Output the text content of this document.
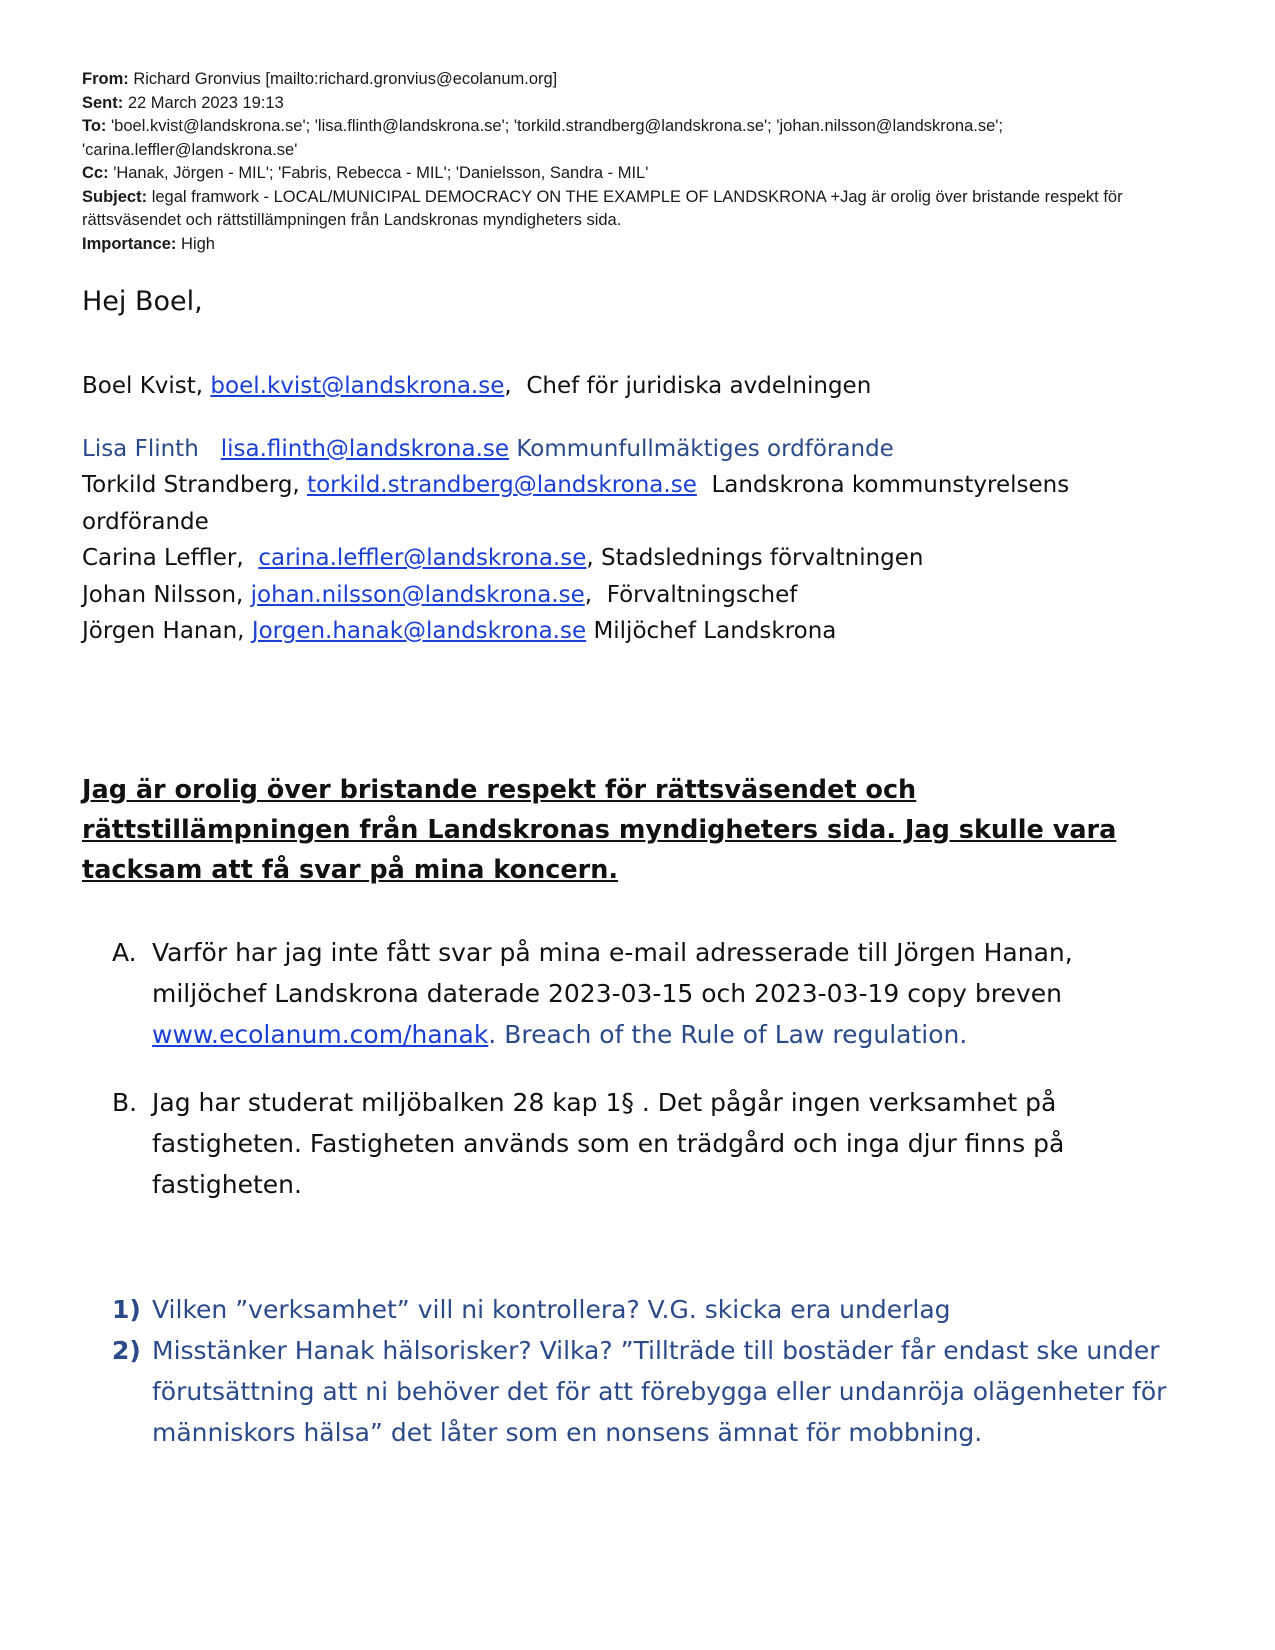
From: Richard Gronvius [mailto:richard.gronvius@ecolanum.org]

Sent: 22 March 2023 19:13

To: 'boel.kvist@landskrona.se'; 'lisa.flinth@landskrona.se'; 'torkild.strandberg@landskrona.se'; 'johan.nilsson@landskrona.se'; 'carina.leffler@landskrona.se'

Cc: 'Hanak, Jörgen - MIL'; 'Fabris, Rebecca - MIL'; 'Danielsson, Sandra - MIL'

Subject: legal framwork - LOCAL/MUNICIPAL DEMOCRACY ON THE EXAMPLE OF LANDSKRONA +Jag är orolig över bristande respekt för rättsväsendet och rättstillämpningen från Landskronas myndigheters sida.

Importance: High

Hej Boel,

Boel Kvist, boel.kvist@landskrona.se, Chef för juridiska avdelningen

Lisa Flinth lisa.flinth@landskrona.se Kommunfullmäktiges ordförande

Torkild Strandberg, torkild.strandberg@landskrona.se Landskrona kommunstyrelsens ordförande

Carina Leffler, carina.leffler@landskrona.se, Stadslednings förvaltningen

Johan Nilsson, johan.nilsson@landskrona.se, Förvaltningschef

Jörgen Hanan, Jorgen.hanak@landskrona.se Miljöchef Landskrona

Jag är orolig över bristande respekt för rättsväsendet och rättstillämpningen från Landskronas myndigheters sida. Jag skulle vara tacksam att få svar på mina koncern.

A. Varför har jag inte fått svar på mina e-mail adresserade till Jörgen Hanan, miljöchef Landskrona daterade 2023-03-15 och 2023-03-19 copy breven www.ecolanum.com/hanak. Breach of the Rule of Law regulation.

B. Jag har studerat miljöbalken 28 kap 1§ . Det pågår ingen verksamhet på fastigheten. Fastigheten används som en trädgård och inga djur finns på fastigheten.

1) Vilken ”verksamhet” vill ni kontrollera? V.G. skicka era underlag

2) Misstänker Hanak hälsorisker? Vilka? ”Tillträde till bostäder får endast ske under förutsättning att ni behöver det för att förebygga eller undanröja olägenheter för människors hälsa” det låter som en nonsens ämnat för mobbning.
